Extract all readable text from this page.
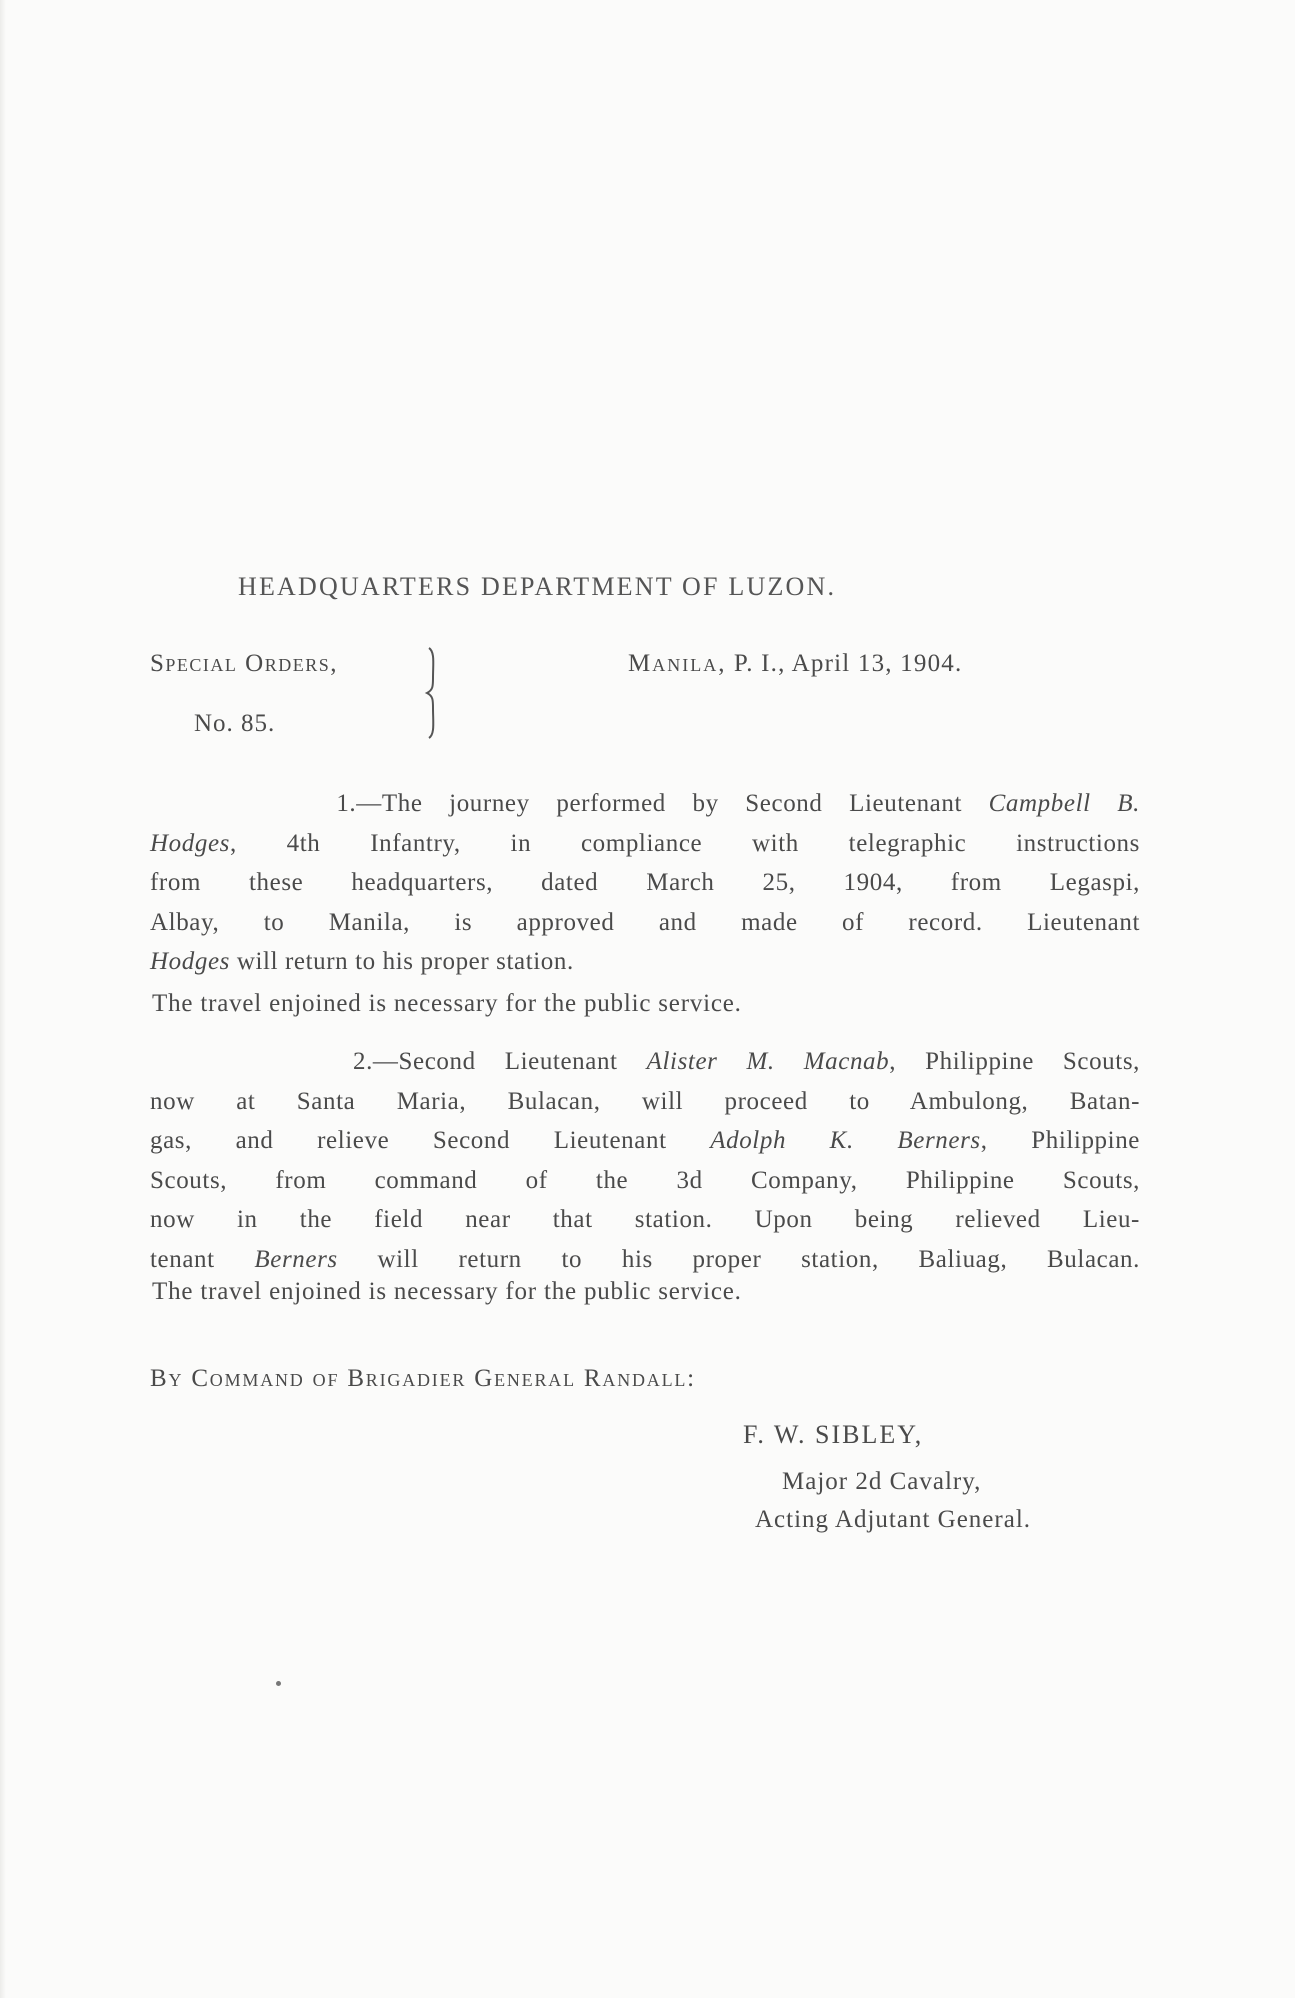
HEADQUARTERS DEPARTMENT OF LUZON.
Special Orders,
No. 85.
Manila, P. I., April 13, 1904.
1.—The journey performed by Second Lieutenant Campbell B.
Hodges, 4th Infantry, in compliance with telegraphic instructions
from these headquarters, dated March 25, 1904, from Legaspi,
Albay, to Manila, is approved and made of record. Lieutenant
Hodges will return to his proper station.
The travel enjoined is necessary for the public service.
2.—Second Lieutenant Alister M. Macnab, Philippine Scouts,
now at Santa Maria, Bulacan, will proceed to Ambulong, Batan-
gas, and relieve Second Lieutenant Adolph K. Berners, Philippine
Scouts, from command of the 3d Company, Philippine Scouts,
now in the field near that station. Upon being relieved Lieu-
tenant Berners will return to his proper station, Baliuag, Bulacan.
The travel enjoined is necessary for the public service.
By Command of Brigadier General Randall:
F. W. SIBLEY,
Major 2d Cavalry,
Acting Adjutant General.
